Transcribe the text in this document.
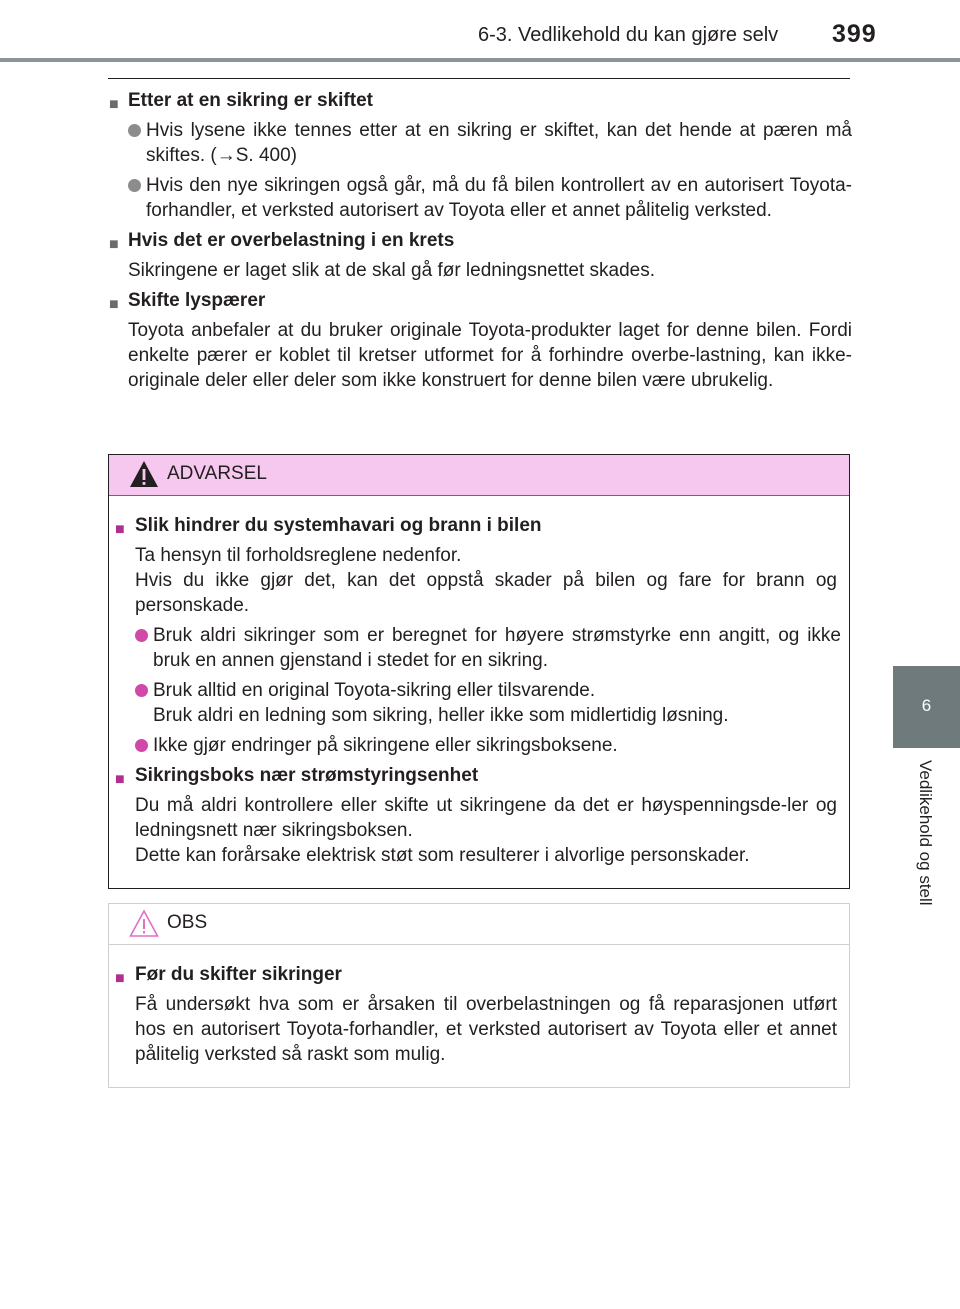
6-3. Vedlikehold du kan gjøre selv 399
6
Vedlikehold og stell
■ Etter at en sikring er skiftet
Hvis lysene ikke tennes etter at en sikring er skiftet, kan det hende at pæren må skiftes. (→S. 400)
Hvis den nye sikringen også går, må du få bilen kontrollert av en autorisert Toyota-forhandler, et verksted autorisert av Toyota eller et annet pålitelig verksted.
■ Hvis det er overbelastning i en krets
Sikringene er laget slik at de skal gå før ledningsnettet skades.
■ Skifte lyspærer
Toyota anbefaler at du bruker originale Toyota-produkter laget for denne bilen. Fordi enkelte pærer er koblet til kretser utformet for å forhindre overbe-lastning, kan ikke-originale deler eller deler som ikke konstruert for denne bilen være ubrukelig.
ADVARSEL
■ Slik hindrer du systemhavari og brann i bilen
Ta hensyn til forholdsreglene nedenfor.
Hvis du ikke gjør det, kan det oppstå skader på bilen og fare for brann og personskade.
Bruk aldri sikringer som er beregnet for høyere strømstyrke enn angitt, og ikke bruk en annen gjenstand i stedet for en sikring.
Bruk alltid en original Toyota-sikring eller tilsvarende.
Bruk aldri en ledning som sikring, heller ikke som midlertidig løsning.
Ikke gjør endringer på sikringene eller sikringsboksene.
■ Sikringsboks nær strømstyringsenhet
Du må aldri kontrollere eller skifte ut sikringene da det er høyspenningsde-ler og ledningsnett nær sikringsboksen.
Dette kan forårsake elektrisk støt som resulterer i alvorlige personskader.
OBS
■ Før du skifter sikringer
Få undersøkt hva som er årsaken til overbelastningen og få reparasjonen utført hos en autorisert Toyota-forhandler, et verksted autorisert av Toyota eller et annet pålitelig verksted så raskt som mulig.
